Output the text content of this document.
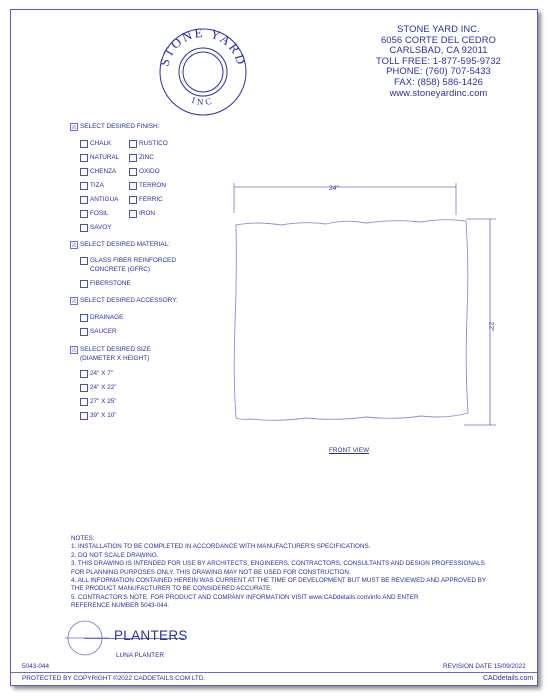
STONE YARD
INC
STONE YARD INC.
6056 CORTE DEL CEDRO
CARLSBAD, CA 92011
TOLL FREE: 1-877-595-9732
PHONE: (760) 707-5433
FAX: (858) 586-1426
www.stoneyardinc.com
SELECT DESIRED FINISH:
CHALK
NATURAL
CHENZA
TIZA
ANTIGUA
FOSIL
SAVOY
RUSTICO
ZINC
OXIDO
TERRON
FERRIC
IRON
SELECT DESIRED MATERIAL:
GLASS FIBER REINFORCED
CONCRETE (GFRC)
FIBERSTONE
SELECT DESIRED ACCESSORY:
DRAINAGE
SAUCER
SELECT DESIRED SIZE
(DIAMETER X HEIGHT)
24" X 7"
24" X 22"
27" X 25"
39" X 10"
24"
22"
FRONT VIEW
NOTES:
1. INSTALLATION TO BE COMPLETED IN ACCORDANCE WITH MANUFACTURER'S SPECIFICATIONS.
2. DO NOT SCALE DRAWING.
3. THIS DRAWING IS INTENDED FOR USE BY ARCHITECTS, ENGINEERS, CONTRACTORS, CONSULTANTS AND DESIGN PROFESSIONALS
FOR PLANNING PURPOSES ONLY. THIS DRAWING MAY NOT BE USED FOR CONSTRUCTION.
4. ALL INFORMATION CONTAINED HEREIN WAS CURRENT AT THE TIME OF DEVELOPMENT BUT MUST BE REVIEWED AND APPROVED BY
THE PRODUCT MANUFACTURER TO BE CONSIDERED ACCURATE.
5. CONTRACTOR'S NOTE: FOR PRODUCT AND COMPANY INFORMATION VISIT www.CADdetails.com/info AND ENTER
REFERENCE NUMBER 5043-044.
PLANTERS
LUNA PLANTER
5043-044	REVISION DATE 15/09/2022
PROTECTED BY COPYRIGHT ©2022 CADDETAILS.COM LTD.	CADdetails.com
